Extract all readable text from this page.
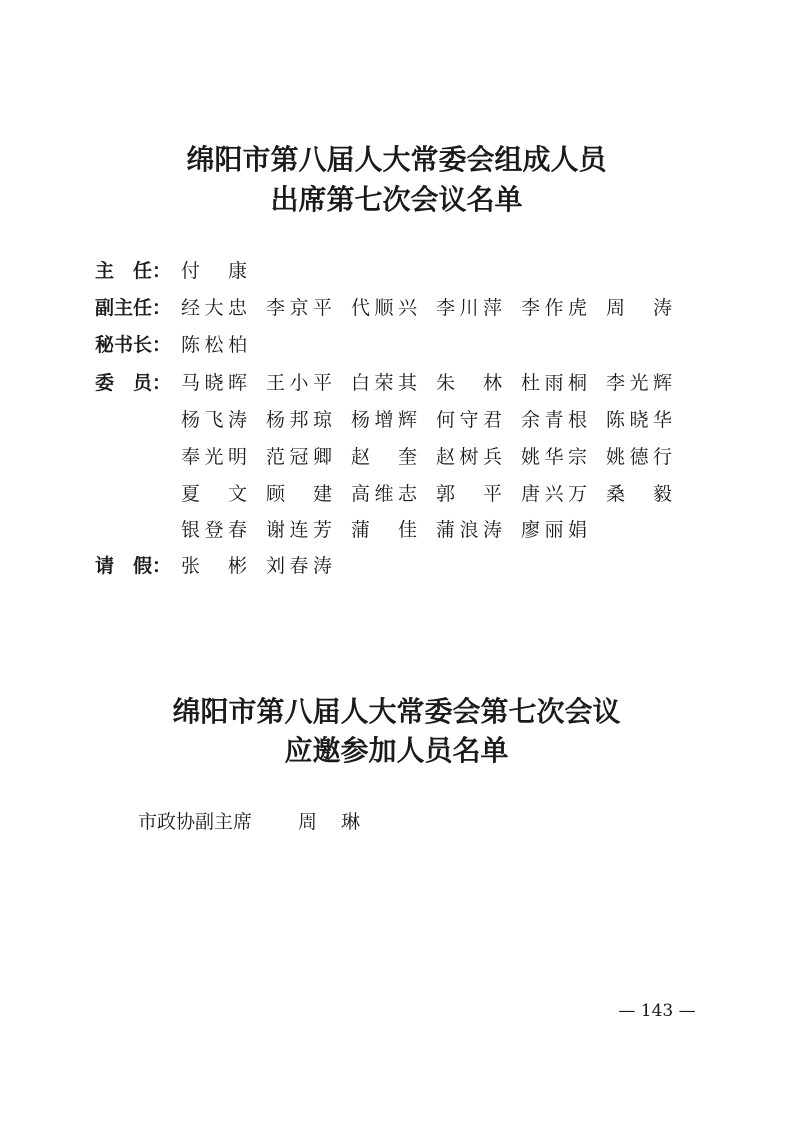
绵阳市第八届人大常委会组成人员
出席第七次会议名单
主　任： 付 康
副主任： 经 大 忠 李 京 平 代 顺 兴 李 川 萍 李 作 虎 周 涛
秘书长： 陈 松 柏
委　员： 马 晓 晖 王 小 平 白 荣 其 朱 林 杜 雨 桐 李 光 辉
杨 飞 涛 杨 邦 琼 杨 增 辉 何 守 君 余 青 根 陈 晓 华
奉 光 明 范 冠 卿 赵 奎 赵 树 兵 姚 华 宗 姚 德 行
夏 文 顾 建 高 维 志 郭 平 唐 兴 万 桑 毅
银 登 春 谢 连 芳 蒲 佳 蒲 浪 涛 廖 丽 娟
请　假： 张 彬 刘 春 涛
绵阳市第八届人大常委会第七次会议
应邀参加人员名单
市政协副主席 周 琳
— 143 —
